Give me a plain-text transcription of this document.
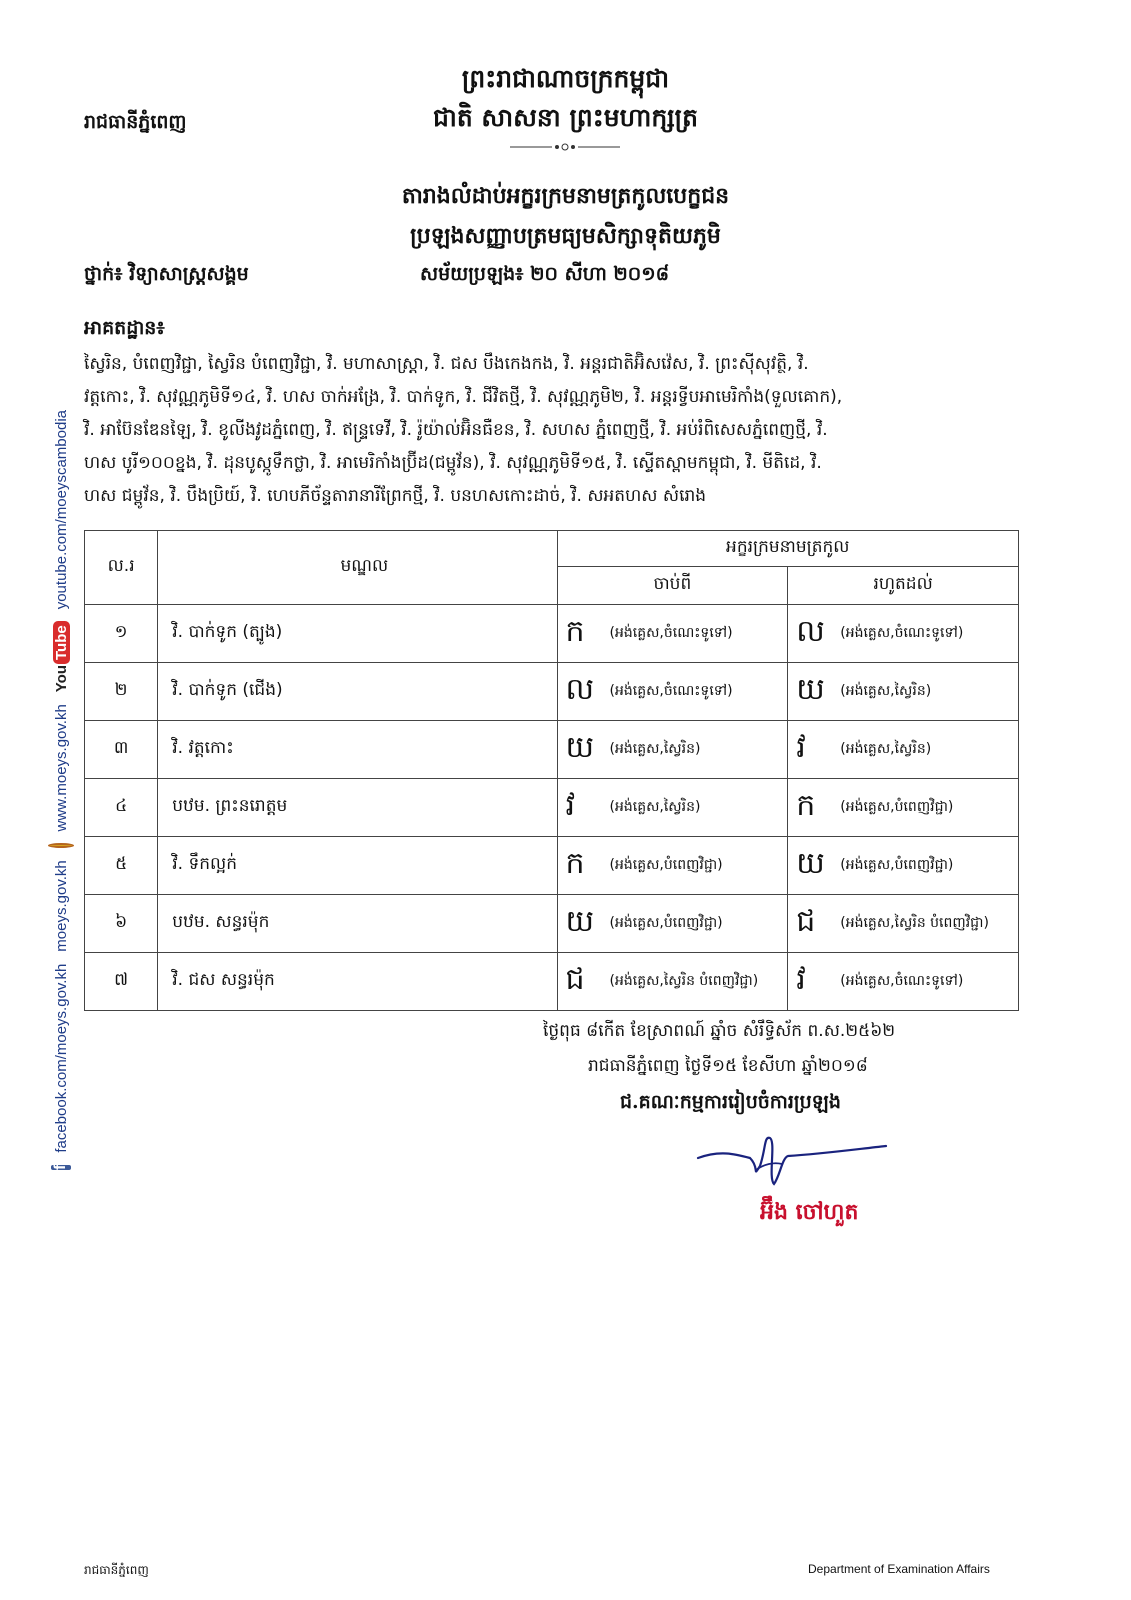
ព្រះរាជាណាចក្រកម្ពុជា
ជាតិ សាសនា ព្រះមហាក្សត្រ
រាជធានីភ្នំពេញ
តារាងលំដាប់អក្ខរក្រមនាមត្រកូលបេក្ខជន
ប្រឡងសញ្ញាបត្រមធ្យមសិក្សាទុតិយភូមិ
ថ្នាក់៖ វិទ្យាសាស្ត្រសង្គម	សម័យប្រឡង៖ ២០ សីហា ២០១៨
អាគតដ្ឋាន៖
ស្វៃរិន, បំពេញវិជ្ជា, ស្វៃរិន បំពេញវិជ្ជា, វិ. មហាសាស្ត្រា, វិ. ជស បឹងកេងកង, វិ. អន្តរជាតិអ៊ិសវ៉េស, វិ. ព្រះស៊ីសុវត្ថិ, វិ.
វត្តកោះ, វិ. សុវណ្ណភូមិទី១៤, វិ. ហស ចាក់អង្រែ, វិ. បាក់ទូក, វិ. ជីវិតថ្មី, វិ. សុវណ្ណភូមិ២, វិ. អន្តរទ្វីបអាមេរិកាំង(ទួលគោក),
វិ. អាប៊ែនឌែនឡៃ, វិ. ខូលីងវូដភ្នំពេញ, វិ. ឥន្ទ្រទេវី, វិ. រ៉ូយ៉ាល់អ៊ិនធឺខន, វិ. សហស ភ្នំពេញថ្មី, វិ. អប់រំពិសេសភ្នំពេញថ្មី, វិ.
ហស បូរី១០០ខ្នង, វិ. ដុនបូស្កូទឹកថ្លា, វិ. អាមេរិកាំងប្រ៊ីដ(ជម្ពូវ័ន), វិ. សុវណ្ណភូមិទី១៥, វិ. ស្ទើតស្ពាមកម្ពុជា, វិ. មីតិដេ, វិ.
ហស ជម្ពូវ័ន, វិ. បឹងប្រិយ៍, វិ. ហេបភីច័ន្ទតារានារីព្រែកថ្មី, វិ. បនហសកោះដាច់, វិ. សអតហស សំរោង
ល.រ	មណ្ឌល	អក្ខរក្រមនាមត្រកូល	
		ចាប់ពី	រហូតដល់
១	វិ. បាក់ទូក (ត្បូង)	ក (អង់គ្លេស,ចំណេះទូទៅ)	ល (អង់គ្លេស,ចំណេះទូទៅ)

២	វិ. បាក់ទូក (ជើង)	ល (អង់គ្លេស,ចំណេះទូទៅ)	យ (អង់គ្លេស,ស្វៃរិន)

៣	វិ. វត្តកោះ	យ (អង់គ្លេស,ស្វៃរិន)	វ (អង់គ្លេស,ស្វៃរិន)

៤	បឋម. ព្រះនរោត្តម	វ (អង់គ្លេស,ស្វៃរិន)	ក (អង់គ្លេស,បំពេញវិជ្ជា)

៥	វិ. ទឹកល្អក់	ក (អង់គ្លេស,បំពេញវិជ្ជា)	យ (អង់គ្លេស,បំពេញវិជ្ជា)

៦	បឋម. សន្ធរម៉ុក	យ (អង់គ្លេស,បំពេញវិជ្ជា)	ជ (អង់គ្លេស,ស្វៃរិន បំពេញវិជ្ជា)

៧	វិ. ជស សន្ធរម៉ុក	ជ (អង់គ្លេស,ស្វៃរិន បំពេញវិជ្ជា)	វ (អង់គ្លេស,ចំណេះទូទៅ)
ថ្ងៃពុធ ៨កើត ខែស្រាពណ៍ ឆ្នាំច សំរឹទ្ធិស័ក ព.ស.២៥៦២
រាជធានីភ្នំពេញ ថ្ងៃទី១៥ ខែសីហា ឆ្នាំ២០១៨
ជ.គណៈកម្មការរៀបចំការប្រឡង
អ៊ឹង ចៅហួត
រាជធានីភ្នំពេញ	Department of Examination Affairs
f
facebook.com/moeys.gov.kh
moeys.gov.kh
www.moeys.gov.kh
You
Tube
youtube.com/moeyscambodia
